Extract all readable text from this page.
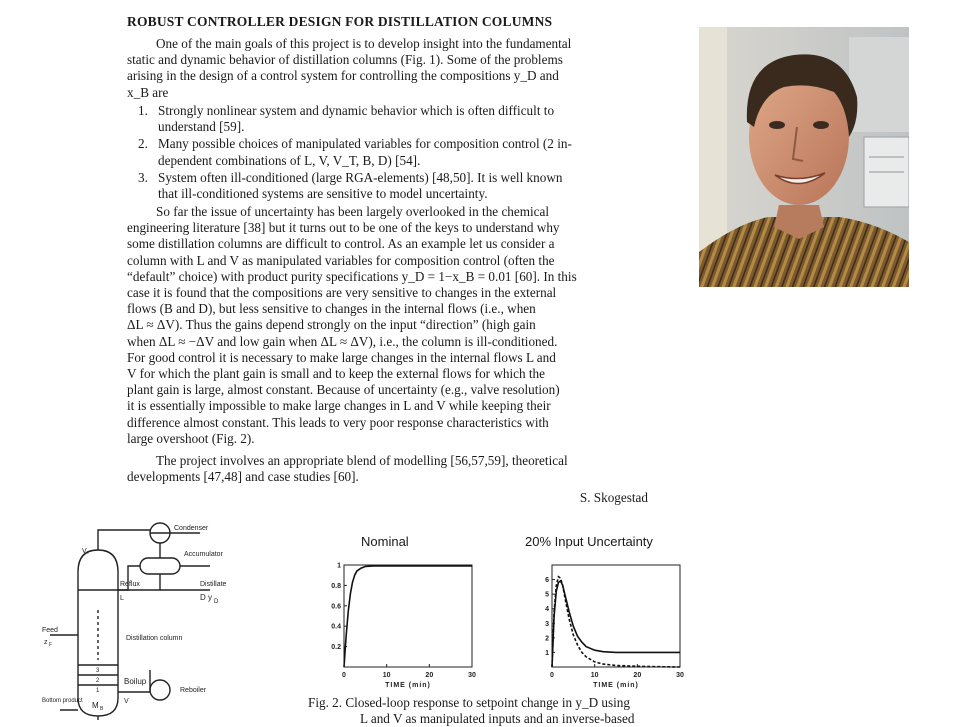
ROBUST CONTROLLER DESIGN FOR DISTILLATION COLUMNS
One of the main goals of this project is to develop insight into the fundamental
static and dynamic behavior of distillation columns (Fig. 1). Some of the problems
arising in the design of a control system for controlling the compositions y_D and
x_B are
1. Strongly nonlinear system and dynamic behavior which is often difficult to
understand [59].
2. Many possible choices of manipulated variables for composition control (2 in-
dependent combinations of L, V, V_T, B, D) [54].
3. System often ill-conditioned (large RGA-elements) [48,50]. It is well known
that ill-conditioned systems are sensitive to model uncertainty.
So far the issue of uncertainty has been largely overlooked in the chemical
engineering literature [38] but it turns out to be one of the keys to understand why
some distillation columns are difficult to control. As an example let us consider a
column with L and V as manipulated variables for composition control (often the
“default” choice) with product purity specifications y_D = 1−x_B = 0.01 [60]. In this
case it is found that the compositions are very sensitive to changes in the external
flows (B and D), but less sensitive to changes in the internal flows (i.e., when
ΔL ≈ ΔV). Thus the gains depend strongly on the input “direction” (high gain
when ΔL ≈ −ΔV and low gain when ΔL ≈ ΔV), i.e., the column is ill-conditioned.
For good control it is necessary to make large changes in the internal flows L and
V for which the plant gain is small and to keep the external flows for which the
plant gain is large, almost constant. Because of uncertainty (e.g., valve resolution)
it is essentially impossible to make large changes in L and V while keeping their
difference almost constant. This leads to very poor response characteristics with
large overshoot (Fig. 2).
The project involves an appropriate blend of modelling [56,57,59], theoretical
developments [47,48] and case studies [60].
S. Skogestad
V₁
Condenser
Accumulator
Reflux
L
Distillate
D y D
Distillation column
Feed
z F
Boilup
V
Reboiler
M B
Bottom product
3
2
1
Nominal	20% Input Uncertainty
0	10	20	30
0.2
0.4
0.6
0.8
1
TIME (min)
0	10	20	30
1
2
3
4
5
6
TIME (min)
Fig. 2. Closed-loop response to setpoint change in y_D using
L and V as manipulated inputs and an inverse-based
